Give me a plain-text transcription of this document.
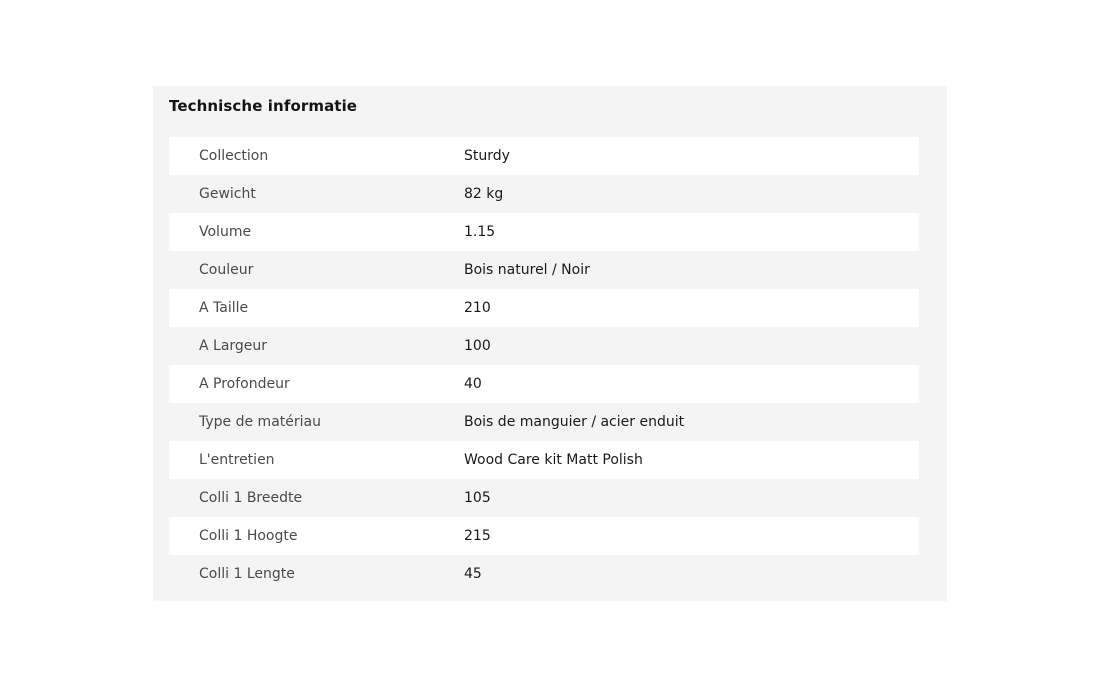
Technische informatie
Collection	Sturdy
Gewicht	82 kg
Volume	1.15
Couleur	Bois naturel / Noir
A Taille	210
A Largeur	100
A Profondeur	40
Type de matériau	Bois de manguier / acier enduit
L'entretien	Wood Care kit Matt Polish
Colli 1 Breedte	105
Colli 1 Hoogte	215
Colli 1 Lengte	45
